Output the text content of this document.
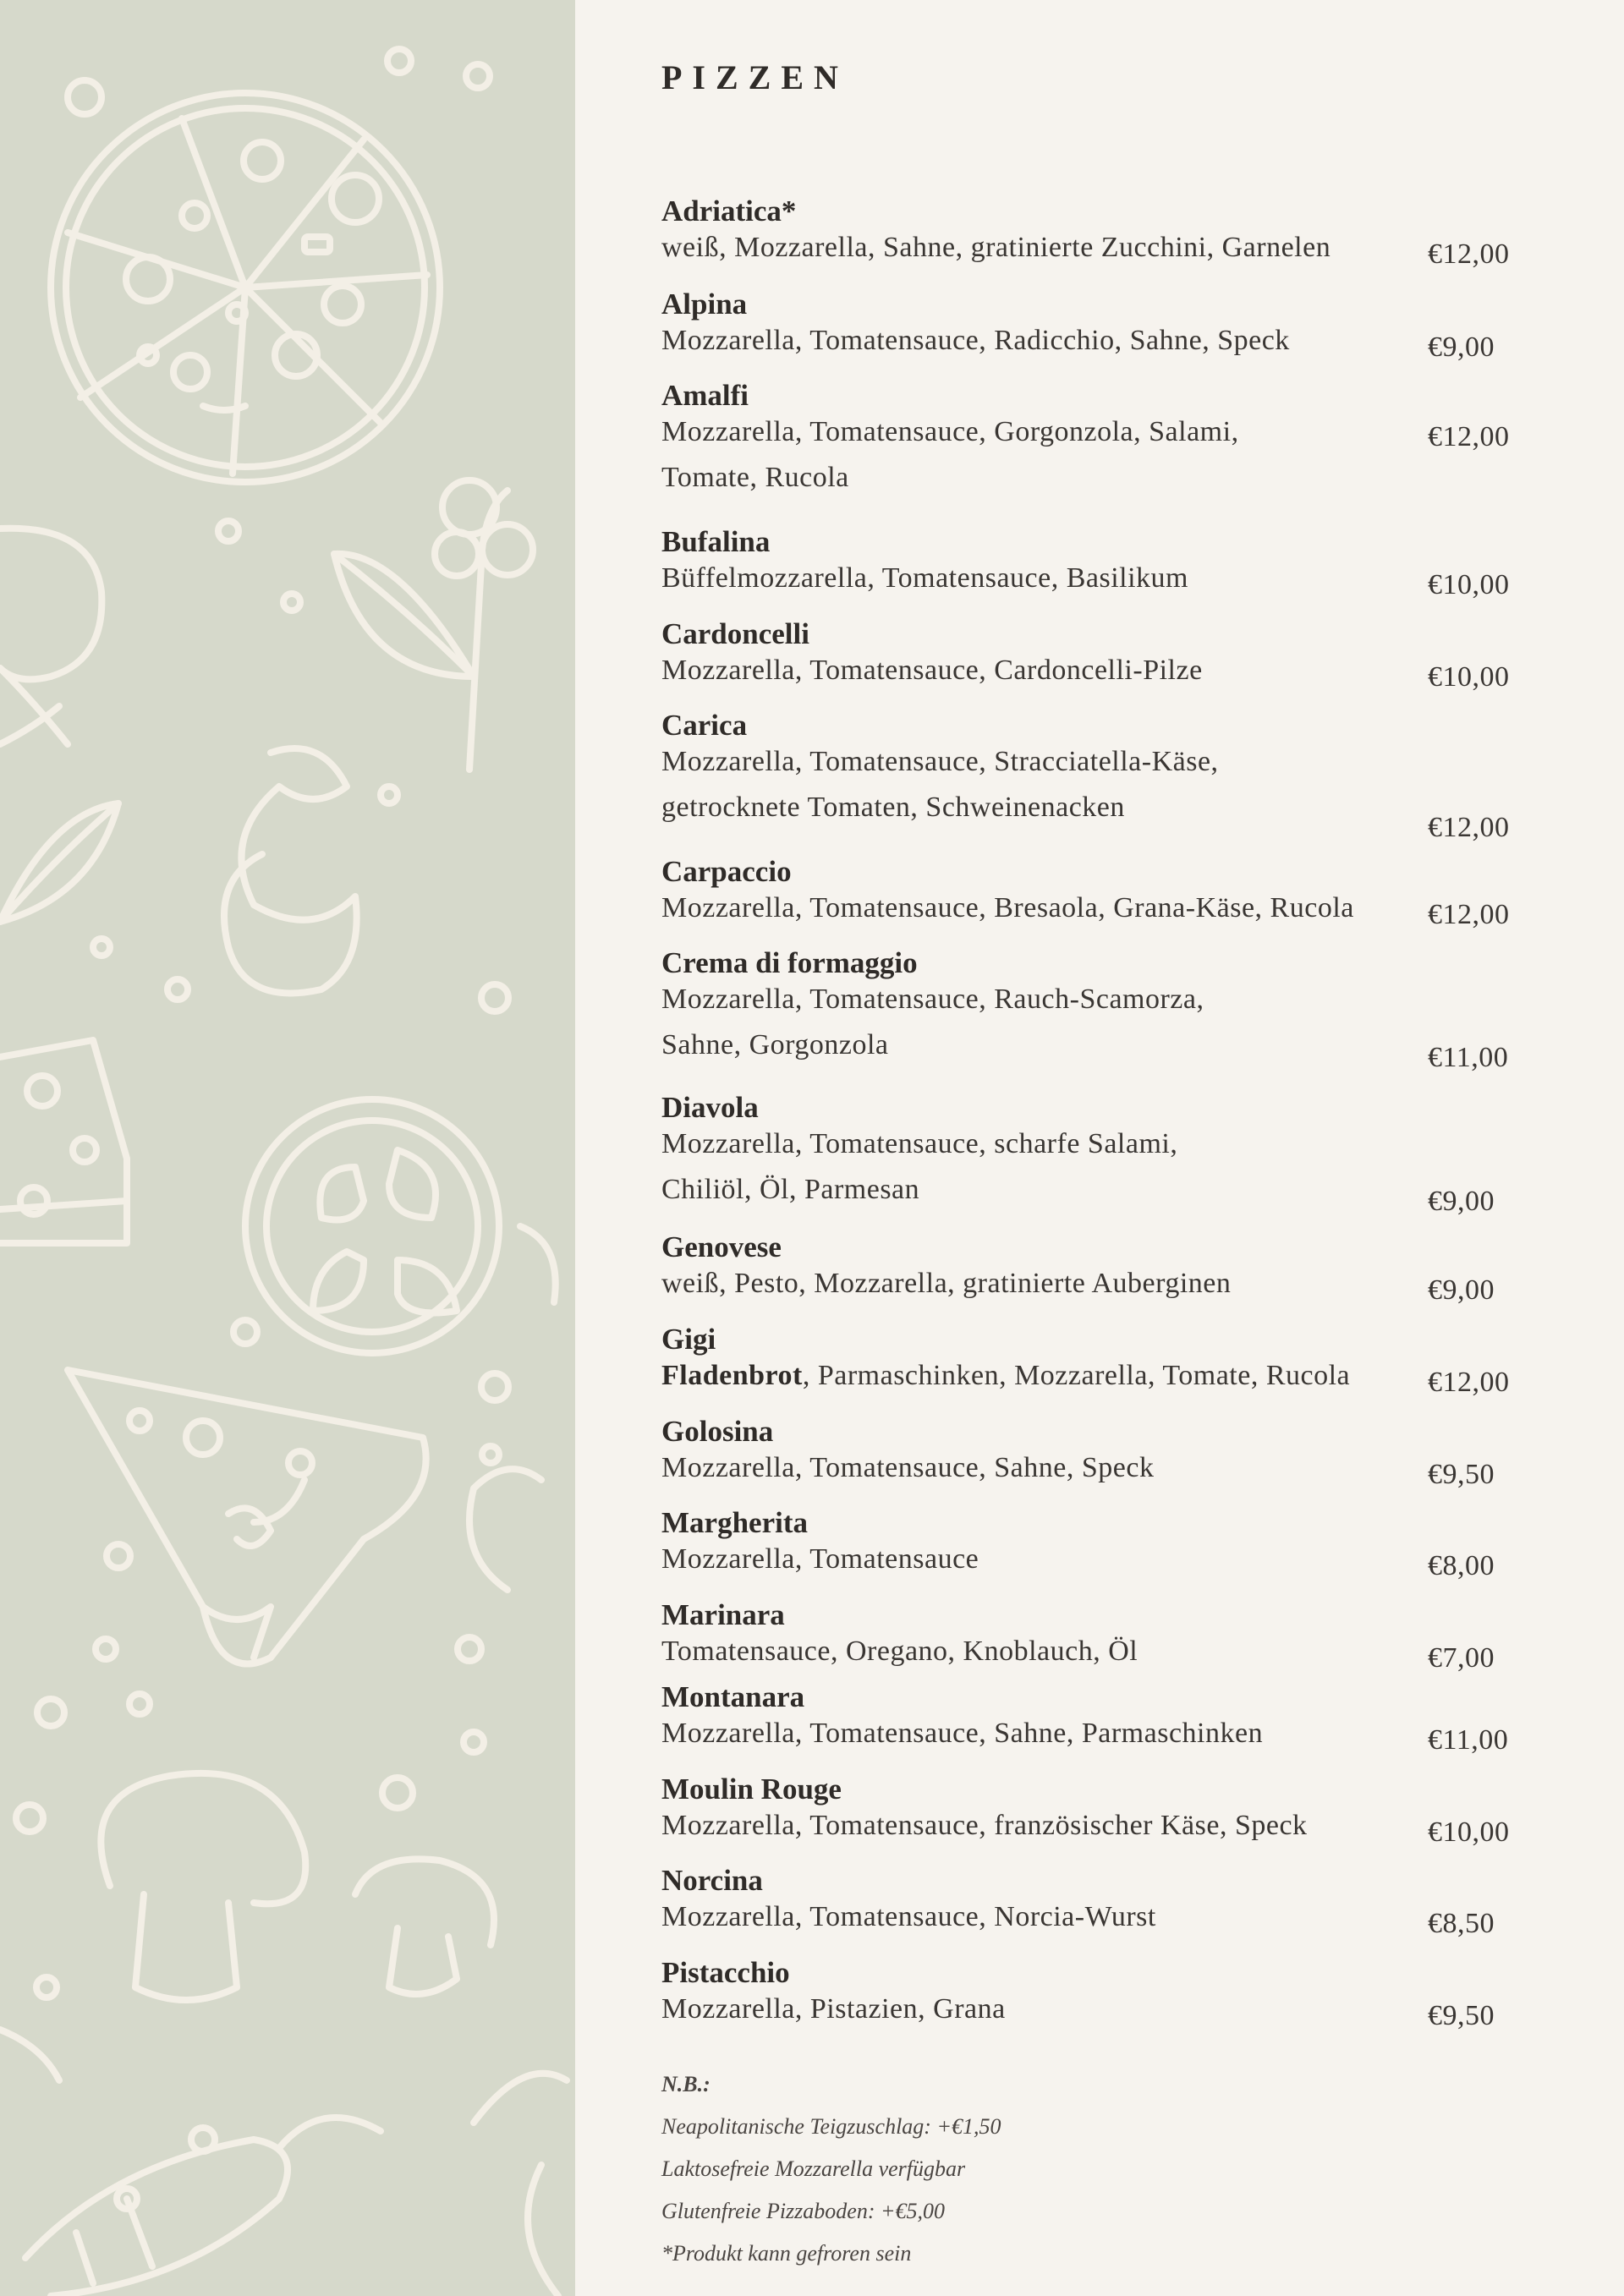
PIZZEN
Adriatica*
weiß, Mozzarella, Sahne, gratinierte Zucchini, Garnelen	€12,00
Alpina
Mozzarella, Tomatensauce, Radicchio, Sahne, Speck	€9,00
Amalfi
Mozzarella, Tomatensauce, Gorgonzola, Salami,
Tomate, Rucola
€12,00
Bufalina
Büffelmozzarella, Tomatensauce, Basilikum	€10,00
Cardoncelli
Mozzarella, Tomatensauce, Cardoncelli-Pilze	€10,00
Carica
Mozzarella, Tomatensauce, Stracciatella-Käse,
getrocknete Tomaten, Schweinenacken
€12,00
Carpaccio
Mozzarella, Tomatensauce, Bresaola, Grana-Käse, Rucola	€12,00
Crema di formaggio
Mozzarella, Tomatensauce, Rauch-Scamorza,
Sahne, Gorgonzola	€11,00
Diavola
Mozzarella, Tomatensauce, scharfe Salami,
Chiliöl, Öl, Parmesan	€9,00
Genovese
weiß, Pesto, Mozzarella, gratinierte Auberginen	€9,00
Gigi
Fladenbrot, Parmaschinken, Mozzarella, Tomate, Rucola	€12,00
Golosina
Mozzarella, Tomatensauce, Sahne, Speck	€9,50
Margherita
Mozzarella, Tomatensauce	€8,00
Marinara
Tomatensauce, Oregano, Knoblauch, Öl	€7,00
Montanara
Mozzarella, Tomatensauce, Sahne, Parmaschinken	€11,00
Moulin Rouge
Mozzarella, Tomatensauce, französischer Käse, Speck	€10,00
Norcina
Mozzarella, Tomatensauce, Norcia-Wurst	€8,50
Pistacchio
Mozzarella, Pistazien, Grana	€9,50
N.B.:
Neapolitanische Teigzuschlag: +€1,50
Laktosefreie Mozzarella verfügbar
Glutenfreie Pizzaboden: +€5,00
*Produkt kann gefroren sein
